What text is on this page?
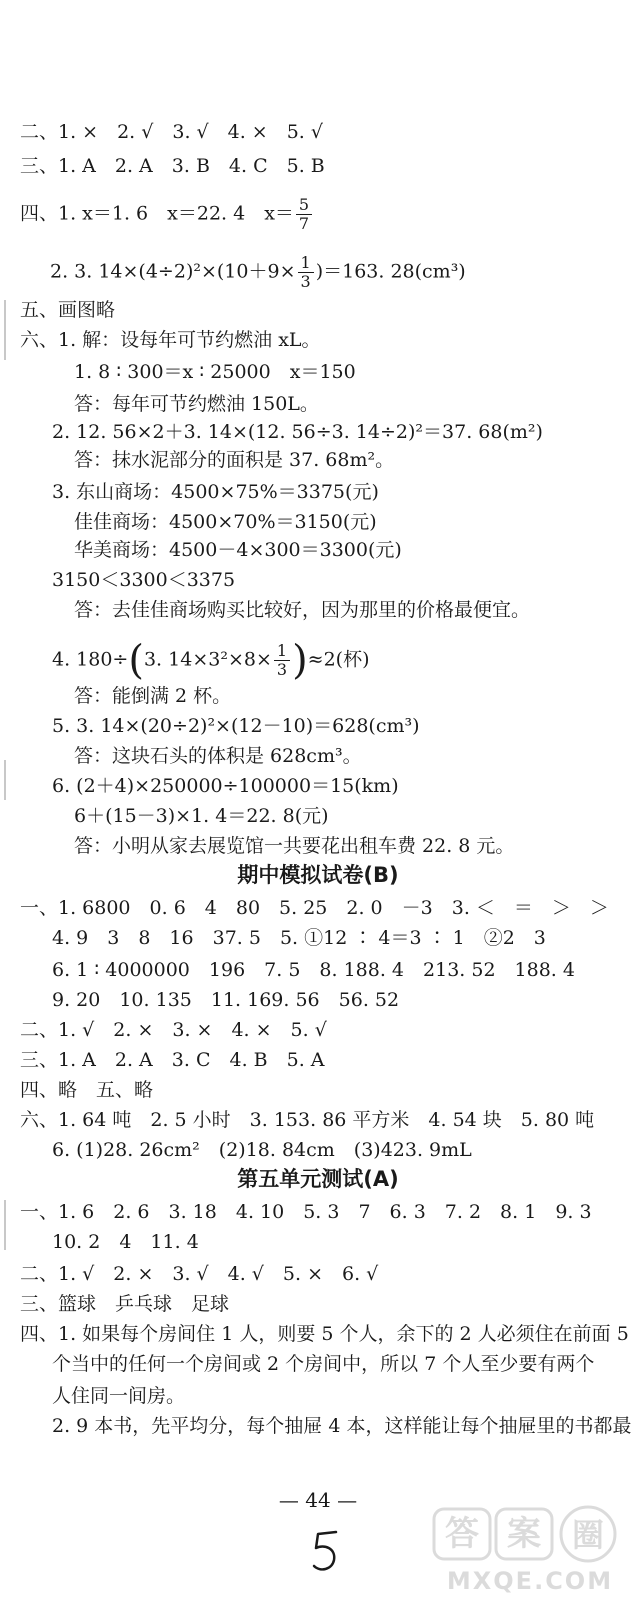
二、1. ×　2. √　3. √　4. ×　5. √
三、1. A　2. A　3. B　4. C　5. B
四、1. x＝1. 6　x＝22. 4　$x= \frac{5}{7}$
2. 3. $14\times(4\div 2)^2\times(10+9\times \frac{1}{3} )=163$. 28(cm³)
五、画图略
六、1. 解：设每年可节约燃油 xL。
1. 8 ∶ 300＝x ∶ 25000　x＝150
答：每年可节约燃油 150L。
2. 12. 56×2＋3. 14×(12. 56÷3. 14÷2)²＝37. 68(m²)
答：抹水泥部分的面积是 37. 68m²。
3. 东山商场：4500×75%＝3375(元)
佳佳商场：4500×70%＝3150(元)
华美商场：4500－4×300＝3300(元)
3150＜3300＜3375
答：去佳佳商场购买比较好，因为那里的价格最便宜。
4. 180÷(3. $14\times 3^2\times 8\times \frac{1}{3} )\approx 2$(杯)
答：能倒满 2 杯。
5. 3. 14×(20÷2)²×(12－10)＝628(cm³)
答：这块石头的体积是 628cm³。
6. (2＋4)×250000÷100000＝15(km)
6＋(15－3)×1. 4＝22. 8(元)
答：小明从家去展览馆一共要花出租车费 22. 8 元。
期中模拟试卷(B)
一、1. 6800　0. 6　4　80　5. 25　2. 0　－3　3. ＜　＝　＞　＞
4. 9　3　8　16　37. 5　5. ①12 ∶ 4＝3 ∶ 1　②2　3
6. 1 ∶ 4000000　196　7. 5　8. 188. 4　213. 52　188. 4
9. 20　10. 135　11. 169. 56　56. 52
二、1. √　2. ×　3. ×　4. ×　5. √
三、1. A　2. A　3. C　4. B　5. A
四、略　五、略
六、1. 64 吨　2. 5 小时　3. 153. 86 平方米　4. 54 块　5. 80 吨
6. (1)28. 26cm²　(2)18. 84cm　(3)423. 9mL
第五单元测试(A)
一、1. 6　2. 6　3. 18　4. 10　5. 3　7　6. 3　7. 2　8. 1　9. 3
10. 2　4　11. 4
二、1. √　2. ×　3. √　4. √　5. ×　6. √
三、篮球　乒乓球　足球
四、1. 如果每个房间住 1 人，则要 5 个人，余下的 2 人必须住在前面 5
个当中的任何一个房间或 2 个房间中，所以 7 个人至少要有两个
人住同一间房。
2. 9 本书，先平均分，每个抽屉 4 本，这样能让每个抽屉里的书都最
— 44 —
答 案 圈
MXQE.COM
